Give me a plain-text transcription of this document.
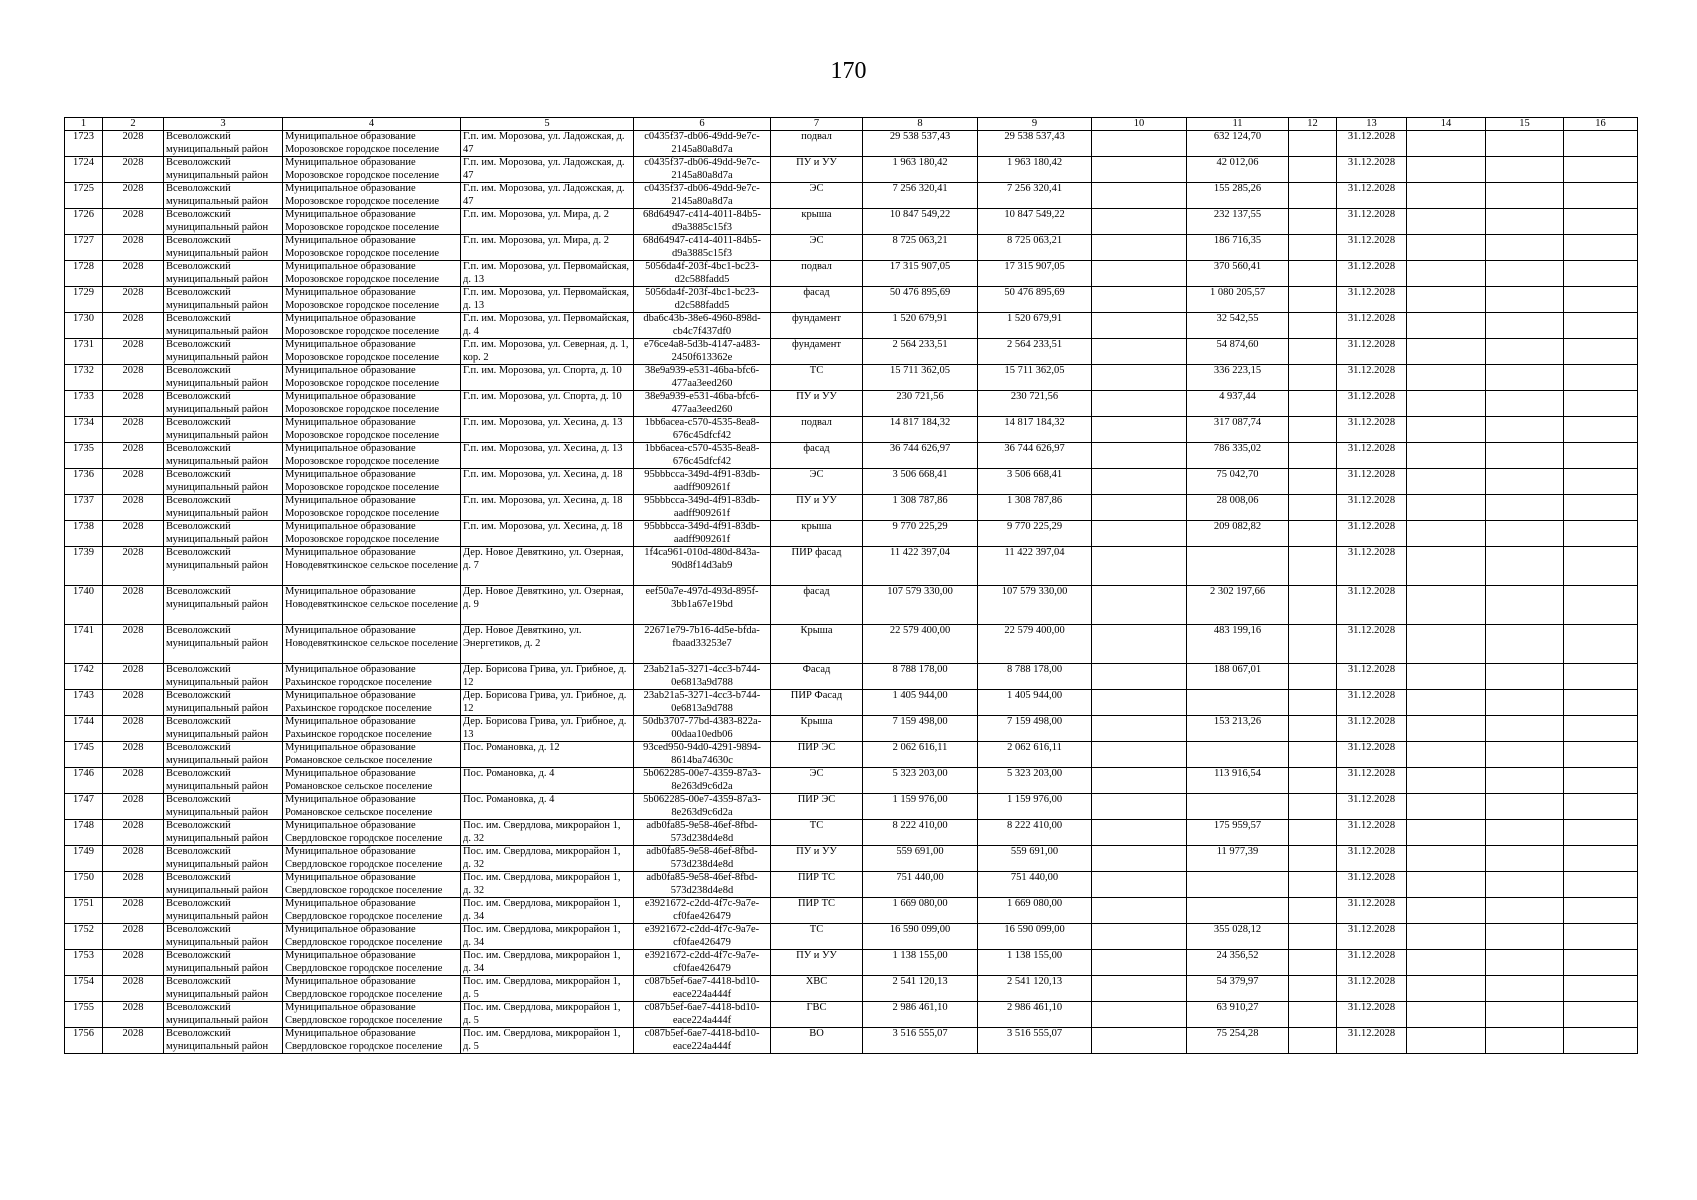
170
1	2	3	4	5	6	7	8	9	10	11	12	13	14	15	16
1723	2028	Всеволожский муниципальный район	Муниципальное образование Морозовское городское поселение	Г.п. им. Морозова, ул. Ладожская, д. 47	c0435f37-db06-49dd-9e7c-2145a80a8d7a	подвал	29 538 537,43	29 538 537,43		632 124,70		31.12.2028			
1724	2028	Всеволожский муниципальный район	Муниципальное образование Морозовское городское поселение	Г.п. им. Морозова, ул. Ладожская, д. 47	c0435f37-db06-49dd-9e7c-2145a80a8d7a	ПУ и УУ	1 963 180,42	1 963 180,42		42 012,06		31.12.2028			
1725	2028	Всеволожский муниципальный район	Муниципальное образование Морозовское городское поселение	Г.п. им. Морозова, ул. Ладожская, д. 47	c0435f37-db06-49dd-9e7c-2145a80a8d7a	ЭС	7 256 320,41	7 256 320,41		155 285,26		31.12.2028			
1726	2028	Всеволожский муниципальный район	Муниципальное образование Морозовское городское поселение	Г.п. им. Морозова, ул. Мира, д. 2	68d64947-c414-4011-84b5-d9a3885c15f3	крыша	10 847 549,22	10 847 549,22		232 137,55		31.12.2028			
1727	2028	Всеволожский муниципальный район	Муниципальное образование Морозовское городское поселение	Г.п. им. Морозова, ул. Мира, д. 2	68d64947-c414-4011-84b5-d9a3885c15f3	ЭС	8 725 063,21	8 725 063,21		186 716,35		31.12.2028			
1728	2028	Всеволожский муниципальный район	Муниципальное образование Морозовское городское поселение	Г.п. им. Морозова, ул. Первомайская, д. 13	5056da4f-203f-4bc1-bc23-d2c588fadd5	подвал	17 315 907,05	17 315 907,05		370 560,41		31.12.2028			
1729	2028	Всеволожский муниципальный район	Муниципальное образование Морозовское городское поселение	Г.п. им. Морозова, ул. Первомайская, д. 13	5056da4f-203f-4bc1-bc23-d2c588fadd5	фасад	50 476 895,69	50 476 895,69		1 080 205,57		31.12.2028			
1730	2028	Всеволожский муниципальный район	Муниципальное образование Морозовское городское поселение	Г.п. им. Морозова, ул. Первомайская, д. 4	dba6c43b-38e6-4960-898d-cb4c7f437df0	фундамент	1 520 679,91	1 520 679,91		32 542,55		31.12.2028			
1731	2028	Всеволожский муниципальный район	Муниципальное образование Морозовское городское поселение	Г.п. им. Морозова, ул. Северная, д. 1, кор. 2	e76ce4a8-5d3b-4147-a483-2450f613362e	фундамент	2 564 233,51	2 564 233,51		54 874,60		31.12.2028			
1732	2028	Всеволожский муниципальный район	Муниципальное образование Морозовское городское поселение	Г.п. им. Морозова, ул. Спорта, д. 10	38e9a939-e531-46ba-bfc6-477aa3eed260	ТС	15 711 362,05	15 711 362,05		336 223,15		31.12.2028			
1733	2028	Всеволожский муниципальный район	Муниципальное образование Морозовское городское поселение	Г.п. им. Морозова, ул. Спорта, д. 10	38e9a939-e531-46ba-bfc6-477aa3eed260	ПУ и УУ	230 721,56	230 721,56		4 937,44		31.12.2028			
1734	2028	Всеволожский муниципальный район	Муниципальное образование Морозовское городское поселение	Г.п. им. Морозова, ул. Хесина, д. 13	1bb6acea-c570-4535-8ea8-676c45dfcf42	подвал	14 817 184,32	14 817 184,32		317 087,74		31.12.2028			
1735	2028	Всеволожский муниципальный район	Муниципальное образование Морозовское городское поселение	Г.п. им. Морозова, ул. Хесина, д. 13	1bb6acea-c570-4535-8ea8-676c45dfcf42	фасад	36 744 626,97	36 744 626,97		786 335,02		31.12.2028			
1736	2028	Всеволожский муниципальный район	Муниципальное образование Морозовское городское поселение	Г.п. им. Морозова, ул. Хесина, д. 18	95bbbcca-349d-4f91-83db-aadff909261f	ЭС	3 506 668,41	3 506 668,41		75 042,70		31.12.2028			
1737	2028	Всеволожский муниципальный район	Муниципальное образование Морозовское городское поселение	Г.п. им. Морозова, ул. Хесина, д. 18	95bbbcca-349d-4f91-83db-aadff909261f	ПУ и УУ	1 308 787,86	1 308 787,86		28 008,06		31.12.2028			
1738	2028	Всеволожский муниципальный район	Муниципальное образование Морозовское городское поселение	Г.п. им. Морозова, ул. Хесина, д. 18	95bbbcca-349d-4f91-83db-aadff909261f	крыша	9 770 225,29	9 770 225,29		209 082,82		31.12.2028			
1739	2028	Всеволожский муниципальный район	Муниципальное образование Новодевяткинское сельское поселение	Дер. Новое Девяткино, ул. Озерная, д. 7	1f4ca961-010d-480d-843a-90d8f14d3ab9	ПИР фасад	11 422 397,04	11 422 397,04				31.12.2028			
1740	2028	Всеволожский муниципальный район	Муниципальное образование Новодевяткинское сельское поселение	Дер. Новое Девяткино, ул. Озерная, д. 9	eef50a7e-497d-493d-895f-3bb1a67e19bd	фасад	107 579 330,00	107 579 330,00		2 302 197,66		31.12.2028			
1741	2028	Всеволожский муниципальный район	Муниципальное образование Новодевяткинское сельское поселение	Дер. Новое Девяткино, ул. Энергетиков, д. 2	22671e79-7b16-4d5e-bfda-fbaad33253e7	Крыша	22 579 400,00	22 579 400,00		483 199,16		31.12.2028			
1742	2028	Всеволожский муниципальный район	Муниципальное образование Рахьинское городское поселение	Дер. Борисова Грива, ул. Грибное, д. 12	23ab21a5-3271-4cc3-b744-0e6813a9d788	Фасад	8 788 178,00	8 788 178,00		188 067,01		31.12.2028			
1743	2028	Всеволожский муниципальный район	Муниципальное образование Рахьинское городское поселение	Дер. Борисова Грива, ул. Грибное, д. 12	23ab21a5-3271-4cc3-b744-0e6813a9d788	ПИР Фасад	1 405 944,00	1 405 944,00				31.12.2028			
1744	2028	Всеволожский муниципальный район	Муниципальное образование Рахьинское городское поселение	Дер. Борисова Грива, ул. Грибное, д. 13	50db3707-77bd-4383-822a-00daa10edb06	Крыша	7 159 498,00	7 159 498,00		153 213,26		31.12.2028			
1745	2028	Всеволожский муниципальный район	Муниципальное образование Романовское сельское поселение	Пос. Романовка, д. 12	93ced950-94d0-4291-9894-8614ba74630c	ПИР ЭС	2 062 616,11	2 062 616,11				31.12.2028			
1746	2028	Всеволожский муниципальный район	Муниципальное образование Романовское сельское поселение	Пос. Романовка, д. 4	5b062285-00e7-4359-87a3-8e263d9c6d2a	ЭС	5 323 203,00	5 323 203,00		113 916,54		31.12.2028			
1747	2028	Всеволожский муниципальный район	Муниципальное образование Романовское сельское поселение	Пос. Романовка, д. 4	5b062285-00e7-4359-87a3-8e263d9c6d2a	ПИР ЭС	1 159 976,00	1 159 976,00				31.12.2028			
1748	2028	Всеволожский муниципальный район	Муниципальное образование Свердловское городское поселение	Пос. им. Свердлова, микрорайон 1, д. 32	adb0fa85-9e58-46ef-8fbd-573d238d4e8d	ТС	8 222 410,00	8 222 410,00		175 959,57		31.12.2028			
1749	2028	Всеволожский муниципальный район	Муниципальное образование Свердловское городское поселение	Пос. им. Свердлова, микрорайон 1, д. 32	adb0fa85-9e58-46ef-8fbd-573d238d4e8d	ПУ и УУ	559 691,00	559 691,00		11 977,39		31.12.2028			
1750	2028	Всеволожский муниципальный район	Муниципальное образование Свердловское городское поселение	Пос. им. Свердлова, микрорайон 1, д. 32	adb0fa85-9e58-46ef-8fbd-573d238d4e8d	ПИР ТС	751 440,00	751 440,00				31.12.2028			
1751	2028	Всеволожский муниципальный район	Муниципальное образование Свердловское городское поселение	Пос. им. Свердлова, микрорайон 1, д. 34	e3921672-c2dd-4f7c-9a7e-cf0fae426479	ПИР ТС	1 669 080,00	1 669 080,00				31.12.2028			
1752	2028	Всеволожский муниципальный район	Муниципальное образование Свердловское городское поселение	Пос. им. Свердлова, микрорайон 1, д. 34	e3921672-c2dd-4f7c-9a7e-cf0fae426479	ТС	16 590 099,00	16 590 099,00		355 028,12		31.12.2028			
1753	2028	Всеволожский муниципальный район	Муниципальное образование Свердловское городское поселение	Пос. им. Свердлова, микрорайон 1, д. 34	e3921672-c2dd-4f7c-9a7e-cf0fae426479	ПУ и УУ	1 138 155,00	1 138 155,00		24 356,52		31.12.2028			
1754	2028	Всеволожский муниципальный район	Муниципальное образование Свердловское городское поселение	Пос. им. Свердлова, микрорайон 1, д. 5	c087b5ef-6ae7-4418-bd10-eace224a444f	ХВС	2 541 120,13	2 541 120,13		54 379,97		31.12.2028			
1755	2028	Всеволожский муниципальный район	Муниципальное образование Свердловское городское поселение	Пос. им. Свердлова, микрорайон 1, д. 5	c087b5ef-6ae7-4418-bd10-eace224a444f	ГВС	2 986 461,10	2 986 461,10		63 910,27		31.12.2028			
1756	2028	Всеволожский муниципальный район	Муниципальное образование Свердловское городское поселение	Пос. им. Свердлова, микрорайон 1, д. 5	c087b5ef-6ae7-4418-bd10-eace224a444f	ВО	3 516 555,07	3 516 555,07		75 254,28		31.12.2028			
